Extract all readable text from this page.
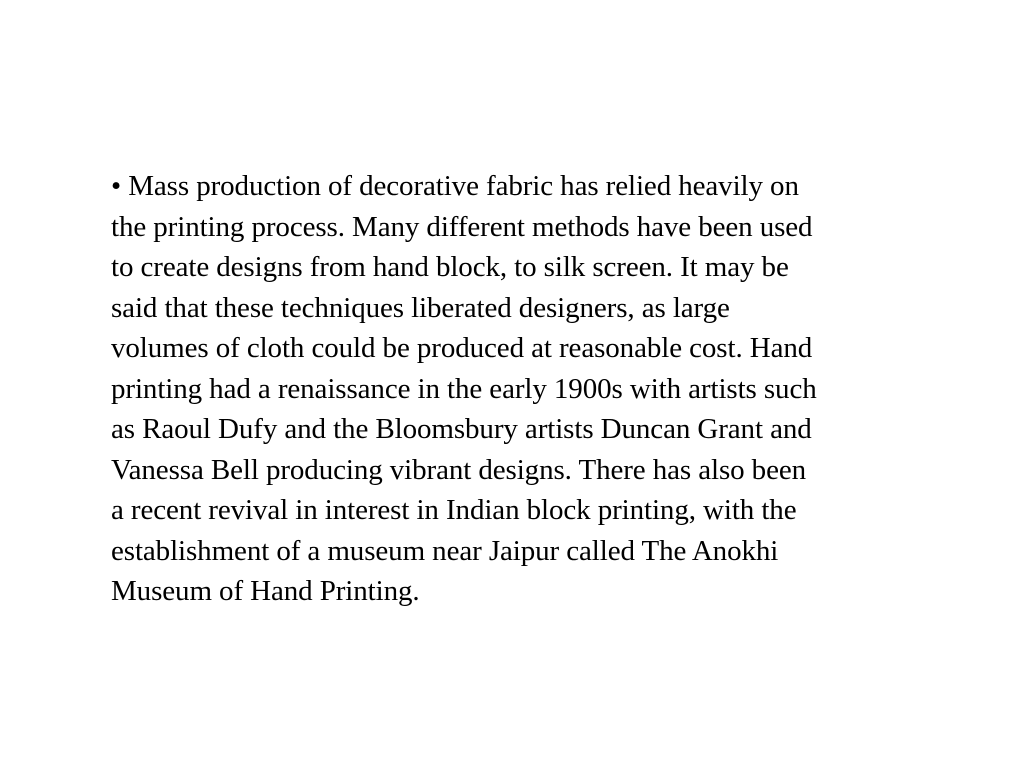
• Mass production of decorative fabric has relied heavily on
the printing process. Many different methods have been used
to create designs from hand block, to silk screen. It may be
said that these techniques liberated designers, as large
volumes of cloth could be produced at reasonable cost. Hand
printing had a renaissance in the early 1900s with artists such
as Raoul Dufy and the Bloomsbury artists Duncan Grant and
Vanessa Bell producing vibrant designs. There has also been
a recent revival in interest in Indian block printing, with the
establishment of a museum near Jaipur called The Anokhi
Museum of Hand Printing.
